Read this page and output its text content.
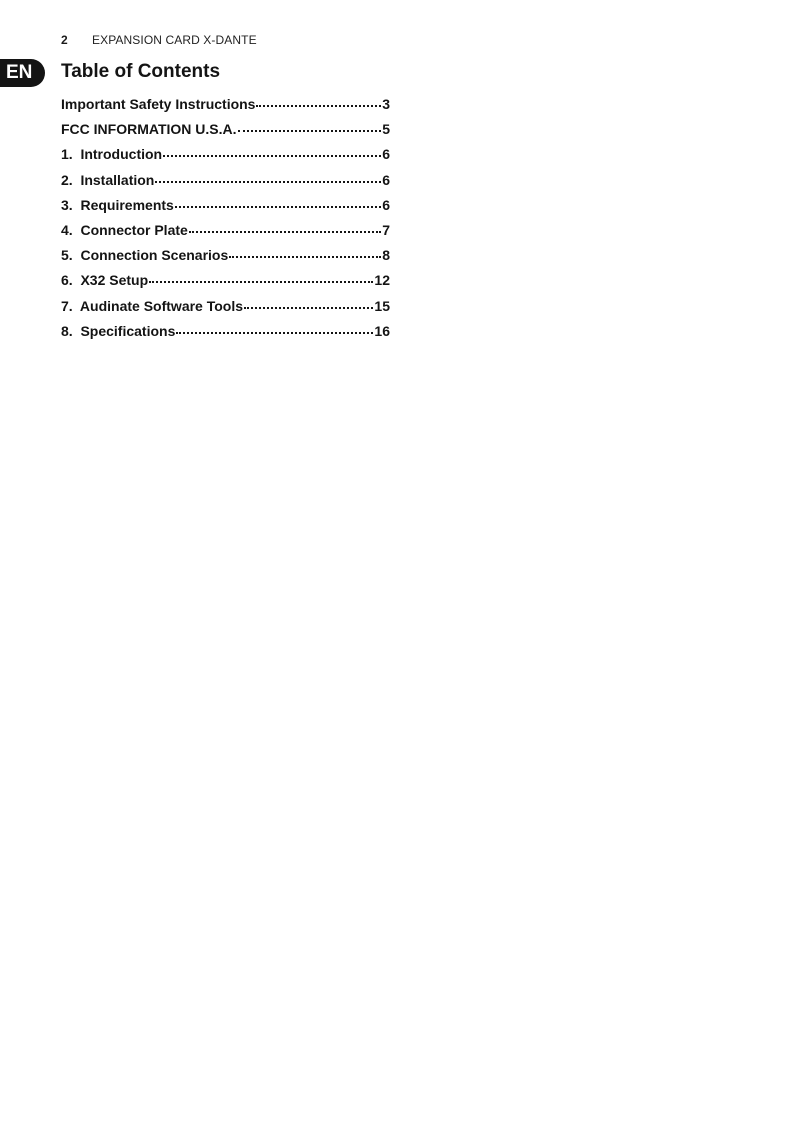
2	EXPANSION CARD X-DANTE
EN	Table of Contents
Important Safety Instructions	3
FCC INFORMATION U.S.A.	5
1.  Introduction	6
2.  Installation	6
3.  Requirements	6
4.  Connector Plate	7
5.  Connection Scenarios	8
6.  X32 Setup	12
7.  Audinate Software Tools	15
8.  Specifications	16
